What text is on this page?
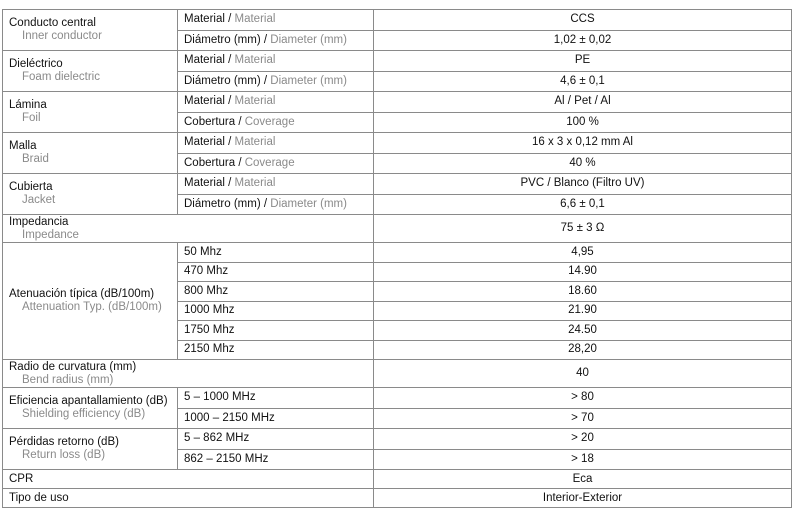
Conducto central
Inner conductor	Material / Material	CCS
	Diámetro (mm) / Diameter (mm)	1,02 ± 0,02

Dieléctrico
Foam dielectric	Material / Material	PE
	Diámetro (mm) / Diameter (mm)	4,6 ± 0,1

Lámina
Foil	Material / Material	Al / Pet / Al
	Cobertura / Coverage	100 %

Malla
Braid	Material / Material	16 x 3 x 0,12 mm Al
	Cobertura / Coverage	40 %

Cubierta
Jacket	Material / Material	PVC / Blanco (Filtro UV)
	Diámetro (mm) / Diameter (mm)	6,6 ± 0,1

Impedancia
Impedance		75 ± 3 Ω

Atenuación típica (dB/100m)
Attenuation Typ. (dB/100m)	50 Mhz	4,95
	470 Mhz	14.90
	800 Mhz	18.60
	1000 Mhz	21.90
	1750 Mhz	24.50
	2150 Mhz	28,20

Radio de curvatura (mm)
Bend radius (mm)		40

Eficiencia apantallamiento (dB)
Shielding efficiency (dB)	5 – 1000 MHz	> 80
	1000 – 2150 MHz	> 70

Pérdidas retorno (dB)
Return loss (dB)	5 – 862 MHz	> 20
	862 – 2150 MHz	> 18

CPR		Eca

Tipo de uso		Interior-Exterior
